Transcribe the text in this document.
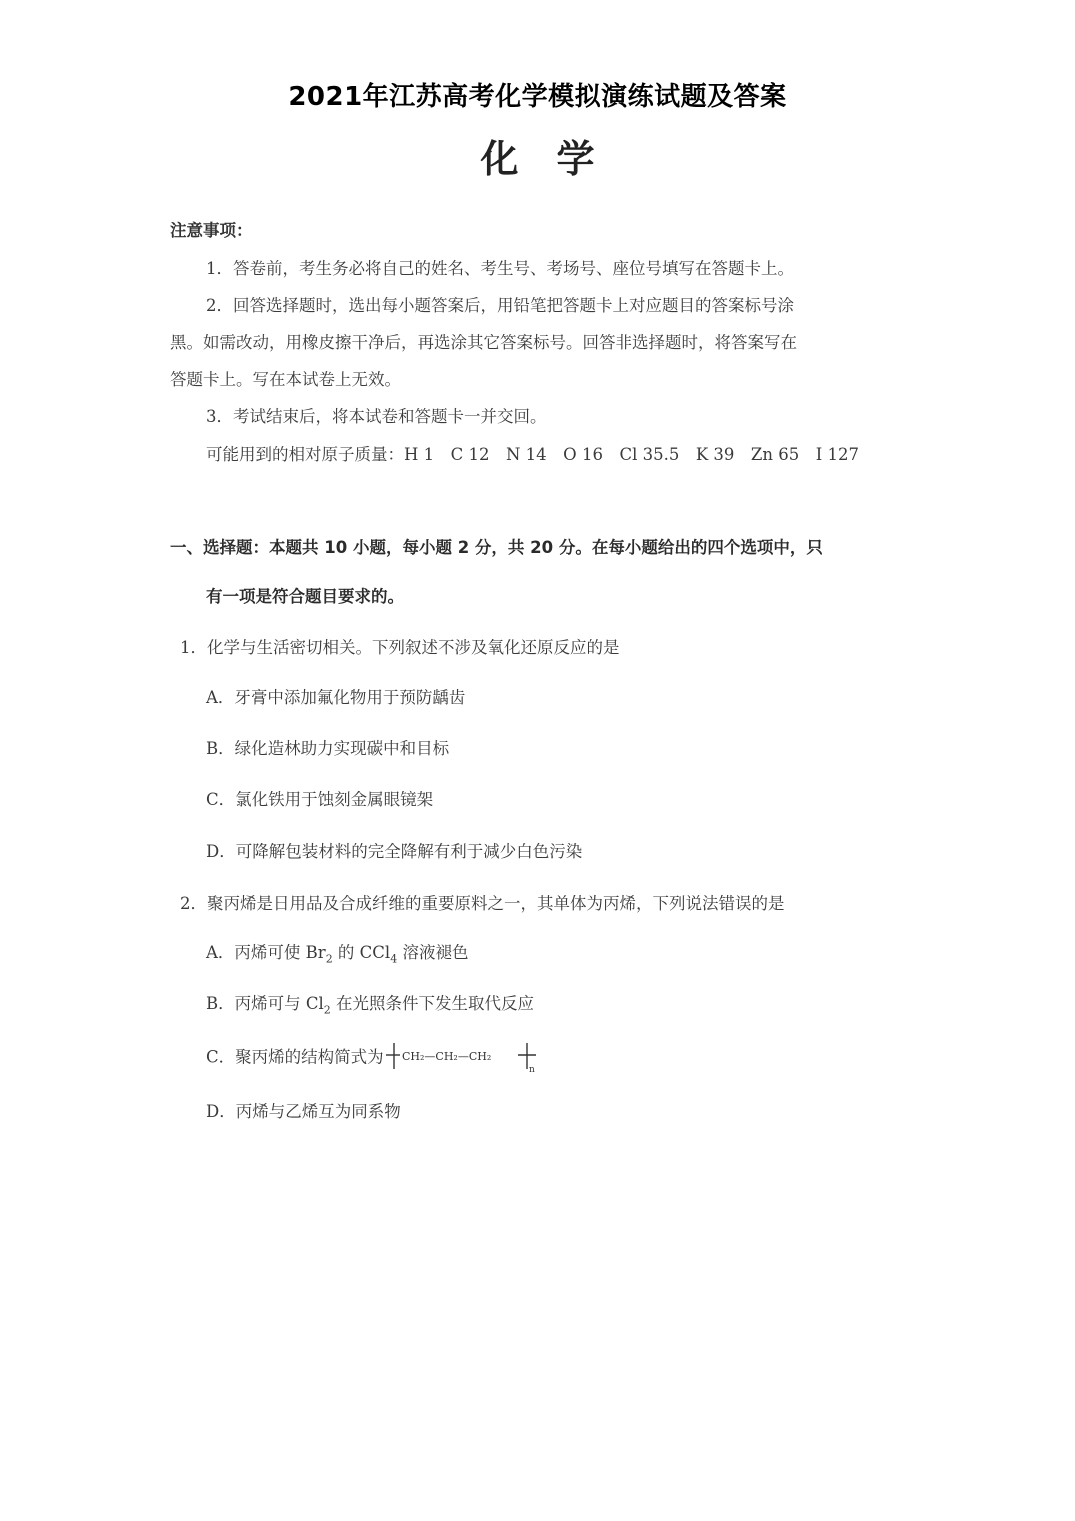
2021年江苏高考化学模拟演练试题及答案
化学
注意事项：
1．答卷前，考生务必将自己的姓名、考生号、考场号、座位号填写在答题卡上。
2．回答选择题时，选出每小题答案后，用铅笔把答题卡上对应题目的答案标号涂
黑。如需改动，用橡皮擦干净后，再选涂其它答案标号。回答非选择题时，将答案写在
答题卡上。写在本试卷上无效。
3．考试结束后，将本试卷和答题卡一并交回。
可能用到的相对原子质量：H 1　C 12　N 14　O 16　Cl 35.5　K 39　Zn 65　I 127
一、选择题：本题共 10 小题，每小题 2 分，共 20 分。在每小题给出的四个选项中，只
有一项是符合题目要求的。
1．化学与生活密切相关。下列叙述不涉及氧化还原反应的是
A．牙膏中添加氟化物用于预防龋齿
B．绿化造林助力实现碳中和目标
C．氯化铁用于蚀刻金属眼镜架
D．可降解包装材料的完全降解有利于减少白色污染
2．聚丙烯是日用品及合成纤维的重要原料之一，其单体为丙烯，下列说法错误的是
A．丙烯可使 $Br_2$ 的 CCl$_4$ 溶液褪色
B．丙烯可与 $Cl_2$ 在光照条件下发生取代反应
C．聚丙烯的结构简式为 CH₂—CH₂—CH₂
n
D．丙烯与乙烯互为同系物
